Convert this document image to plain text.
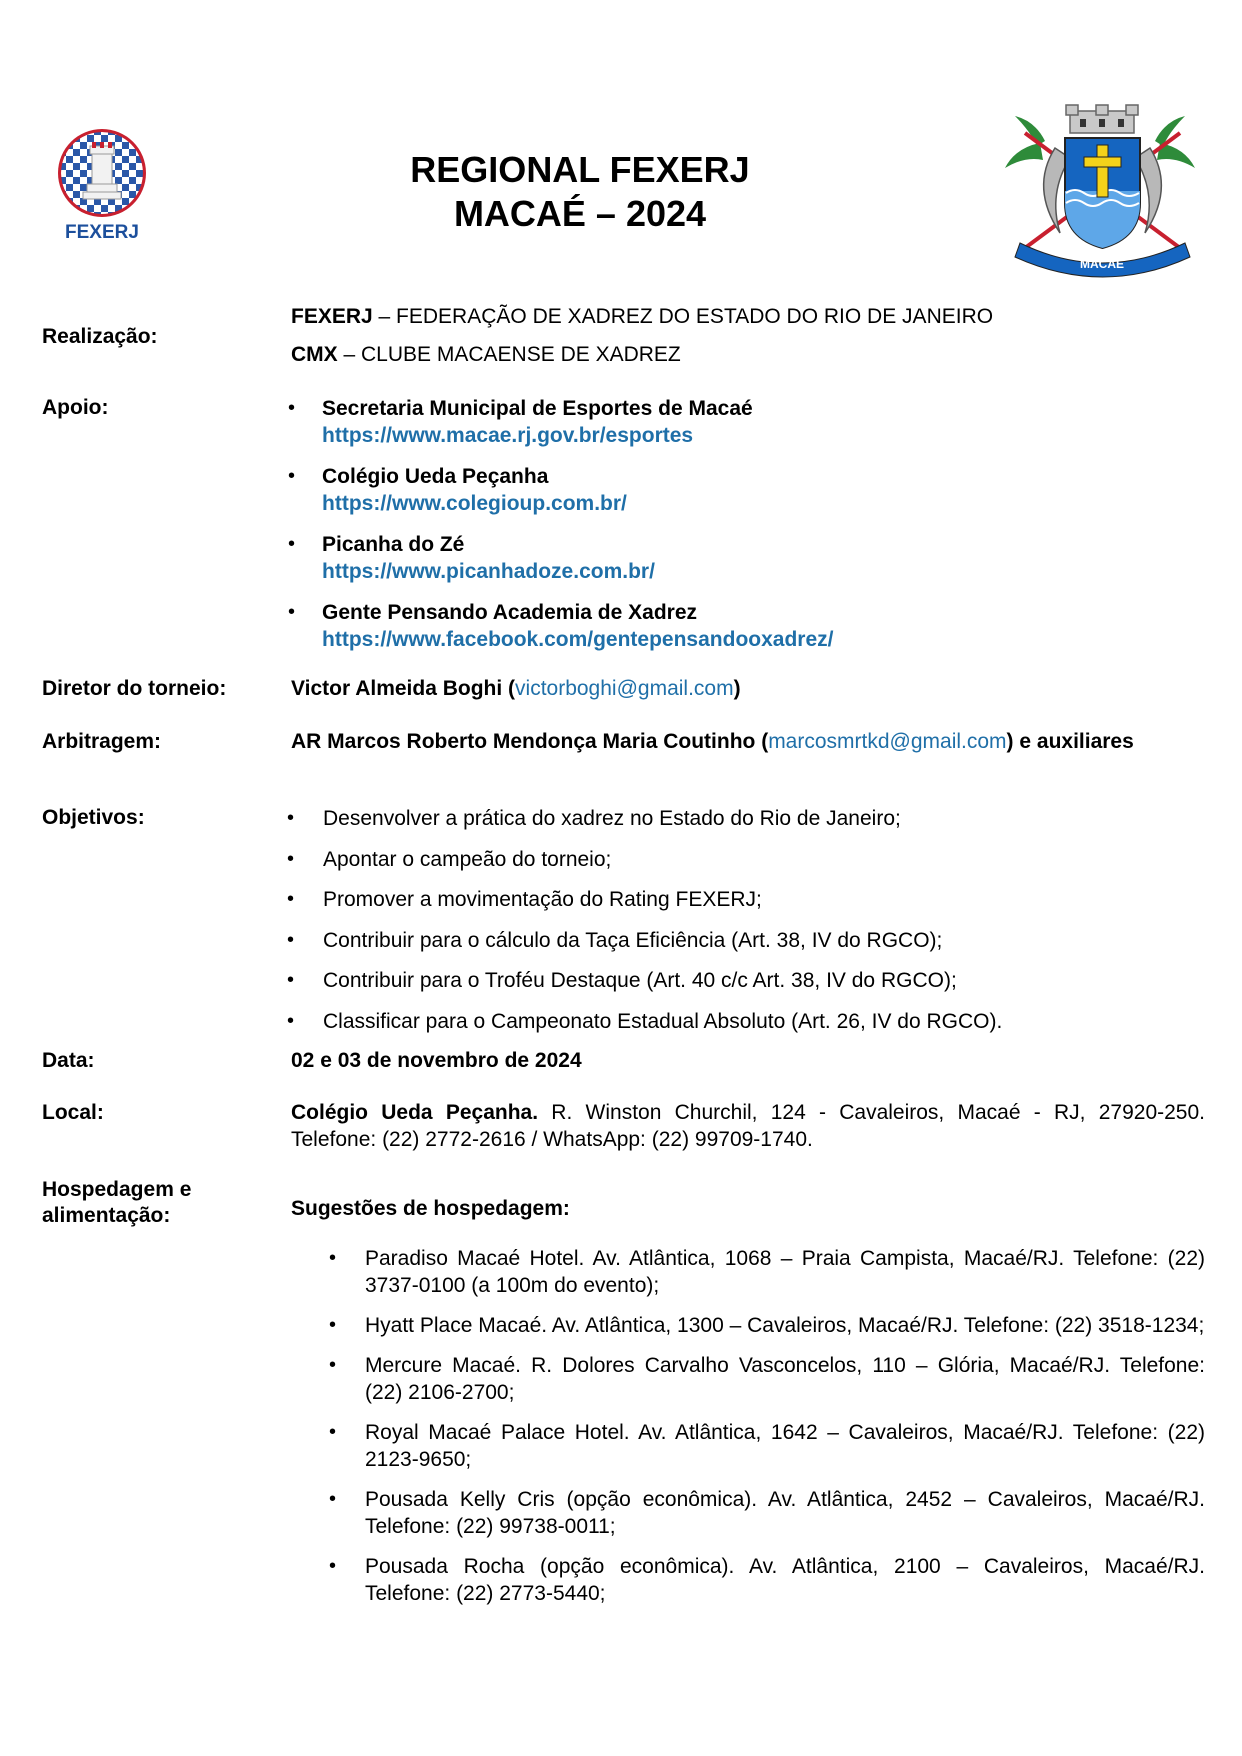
FEXERJ
REGIONAL FEXERJ
MACAÉ – 2024
MACAÉ
Realização:
FEXERJ – FEDERAÇÃO DE XADREZ DO ESTADO DO RIO DE JANEIRO
CMX – CLUBE MACAENSE DE XADREZ
Apoio:	• Secretaria Municipal de Esportes de Macaé
https://www.macae.rj.gov.br/esportes
• Colégio Ueda Peçanha
https://www.colegioup.com.br/
• Picanha do Zé
https://www.picanhadoze.com.br/
• Gente Pensando Academia de Xadrez
https://www.facebook.com/gentepensandooxadrez/
Diretor do torneio:	Victor Almeida Boghi (victorboghi@gmail.com)
Arbitragem:	AR Marcos Roberto Mendonça Maria Coutinho (marcosmrtkd@gmail.com) e auxiliares
Objetivos:	• Desenvolver a prática do xadrez no Estado do Rio de Janeiro;
• Apontar o campeão do torneio;
• Promover a movimentação do Rating FEXERJ;
• Contribuir para o cálculo da Taça Eficiência (Art. 38, IV do RGCO);
• Contribuir para o Troféu Destaque (Art. 40 c/c Art. 38, IV do RGCO);
• Classificar para o Campeonato Estadual Absoluto (Art. 26, IV do RGCO).
Data:	02 e 03 de novembro de 2024
Local:	Colégio Ueda Peçanha. R. Winston Churchil, 124 - Cavaleiros, Macaé - RJ, 27920-250. Telefone: (22) 2772-2616 / WhatsApp: (22) 99709-1740.
Hospedagem e
alimentação:	Sugestões de hospedagem:
• Paradiso Macaé Hotel. Av. Atlântica, 1068 – Praia Campista, Macaé/RJ. Telefone: (22) 3737-0100 (a 100m do evento);
• Hyatt Place Macaé. Av. Atlântica, 1300 – Cavaleiros, Macaé/RJ. Telefone: (22) 3518-1234;
• Mercure Macaé. R. Dolores Carvalho Vasconcelos, 110 – Glória, Macaé/RJ. Telefone: (22) 2106-2700;
• Royal Macaé Palace Hotel. Av. Atlântica, 1642 – Cavaleiros, Macaé/RJ. Telefone: (22) 2123-9650;
• Pousada Kelly Cris (opção econômica). Av. Atlântica, 2452 – Cavaleiros, Macaé/RJ. Telefone: (22) 99738-0011;
• Pousada Rocha (opção econômica). Av. Atlântica, 2100 – Cavaleiros, Macaé/RJ. Telefone: (22) 2773-5440;
